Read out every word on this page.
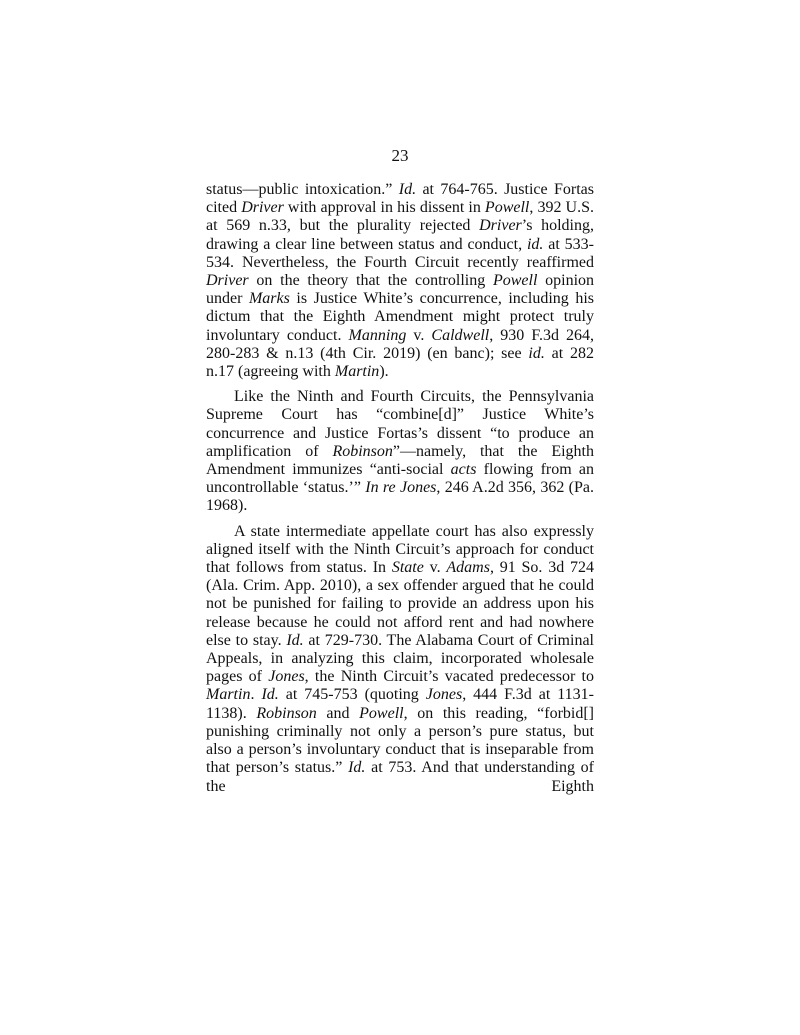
23

status—public intoxication.” Id. at 764-765. Justice Fortas cited Driver with approval in his dissent in Powell, 392 U.S. at 569 n.33, but the plurality rejected Driver’s holding, drawing a clear line between status and conduct, id. at 533-534. Nevertheless, the Fourth Circuit recently reaffirmed Driver on the theory that the controlling Powell opinion under Marks is Justice White’s concurrence, including his dictum that the Eighth Amendment might protect truly involuntary conduct. Manning v. Caldwell, 930 F.3d 264, 280-283 & n.13 (4th Cir. 2019) (en banc); see id. at 282 n.17 (agreeing with Martin).

Like the Ninth and Fourth Circuits, the Pennsylvania Supreme Court has “combine[d]” Justice White’s concurrence and Justice Fortas’s dissent “to produce an amplification of Robinson”—namely, that the Eighth Amendment immunizes “anti-social acts flowing from an uncontrollable ‘status.’” In re Jones, 246 A.2d 356, 362 (Pa. 1968).

A state intermediate appellate court has also expressly aligned itself with the Ninth Circuit’s approach for conduct that follows from status. In State v. Adams, 91 So. 3d 724 (Ala. Crim. App. 2010), a sex offender argued that he could not be punished for failing to provide an address upon his release because he could not afford rent and had nowhere else to stay. Id. at 729-730. The Alabama Court of Criminal Appeals, in analyzing this claim, incorporated wholesale pages of Jones, the Ninth Circuit’s vacated predecessor to Martin. Id. at 745-753 (quoting Jones, 444 F.3d at 1131-1138). Robinson and Powell, on this reading, “forbid[] punishing criminally not only a person’s pure status, but also a person’s involuntary conduct that is inseparable from that person’s status.” Id. at 753. And that understanding of the Eighth
